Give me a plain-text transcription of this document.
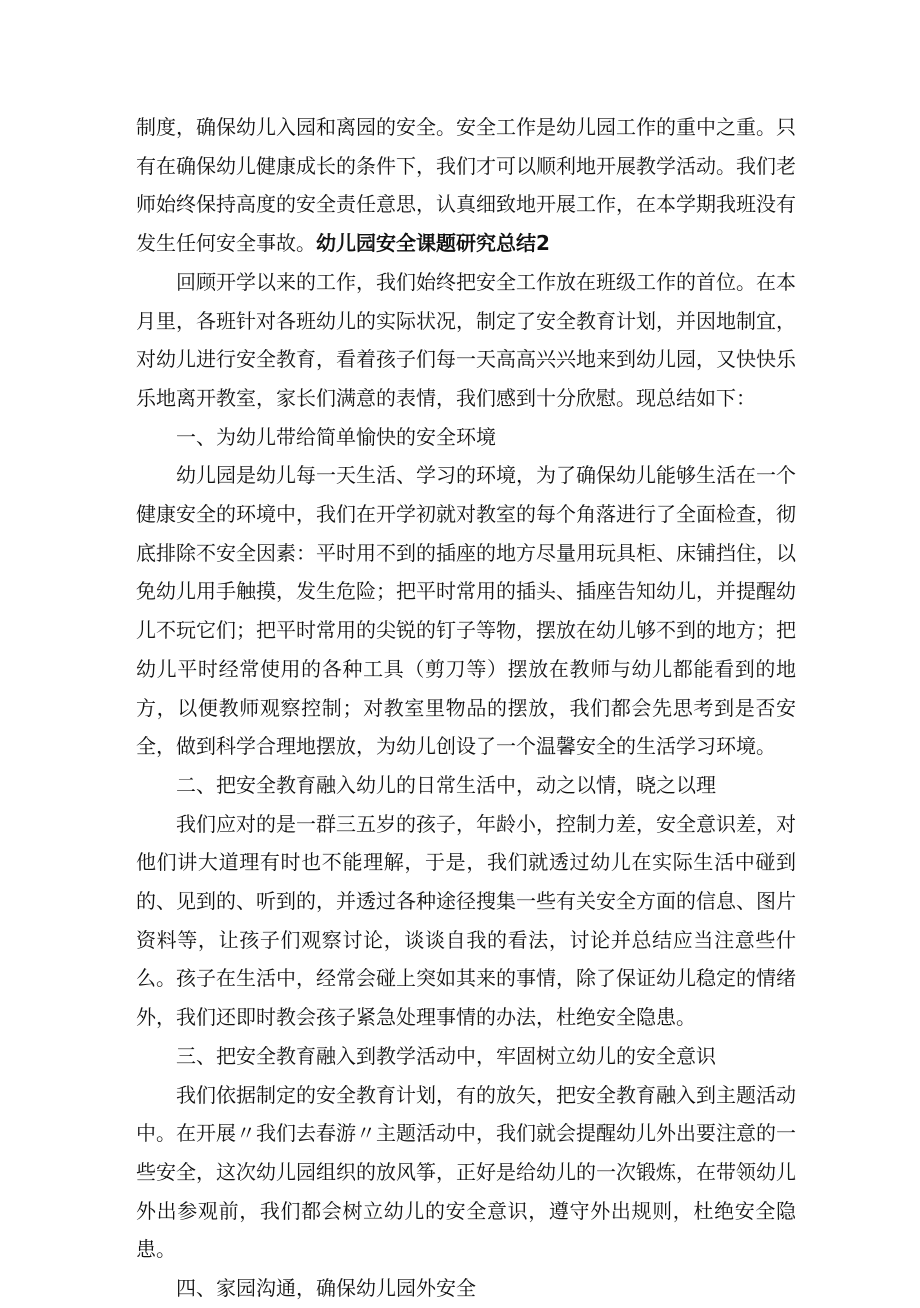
制度，确保幼儿入园和离园的安全。安全工作是幼儿园工作的重中之重。只有在确保幼儿健康成长的条件下，我们才可以顺利地开展教学活动。我们老师始终保持高度的安全责任意思，认真细致地开展工作，在本学期我班没有发生任何安全事故。幼儿园安全课题研究总结2

回顾开学以来的工作，我们始终把安全工作放在班级工作的首位。在本月里，各班针对各班幼儿的实际状况，制定了安全教育计划，并因地制宜，对幼儿进行安全教育，看着孩子们每一天高高兴兴地来到幼儿园，又快快乐乐地离开教室，家长们满意的表情，我们感到十分欣慰。现总结如下：

一、为幼儿带给简单愉快的安全环境

幼儿园是幼儿每一天生活、学习的环境，为了确保幼儿能够生活在一个健康安全的环境中，我们在开学初就对教室的每个角落进行了全面检查，彻底排除不安全因素：平时用不到的插座的地方尽量用玩具柜、床铺挡住，以免幼儿用手触摸，发生危险；把平时常用的插头、插座告知幼儿，并提醒幼儿不玩它们；把平时常用的尖锐的钉子等物，摆放在幼儿够不到的地方；把幼儿平时经常使用的各种工具（剪刀等）摆放在教师与幼儿都能看到的地方，以便教师观察控制；对教室里物品的摆放，我们都会先思考到是否安全，做到科学合理地摆放，为幼儿创设了一个温馨安全的生活学习环境。

二、把安全教育融入幼儿的日常生活中，动之以情，晓之以理

我们应对的是一群三五岁的孩子，年龄小，控制力差，安全意识差，对他们讲大道理有时也不能理解，于是，我们就透过幼儿在实际生活中碰到的、见到的、听到的，并透过各种途径搜集一些有关安全方面的信息、图片资料等，让孩子们观察讨论，谈谈自我的看法，讨论并总结应当注意些什么。孩子在生活中，经常会碰上突如其来的事情，除了保证幼儿稳定的情绪外，我们还即时教会孩子紧急处理事情的办法，杜绝安全隐患。

三、把安全教育融入到教学活动中，牢固树立幼儿的安全意识

我们依据制定的安全教育计划，有的放矢，把安全教育融入到主题活动中。在开展〃我们去春游〃主题活动中，我们就会提醒幼儿外出要注意的一些安全，这次幼儿园组织的放风筝，正好是给幼儿的一次锻炼，在带领幼儿外出参观前，我们都会树立幼儿的安全意识，遵守外出规则，杜绝安全隐患。

四、家园沟通，确保幼儿园外安全
